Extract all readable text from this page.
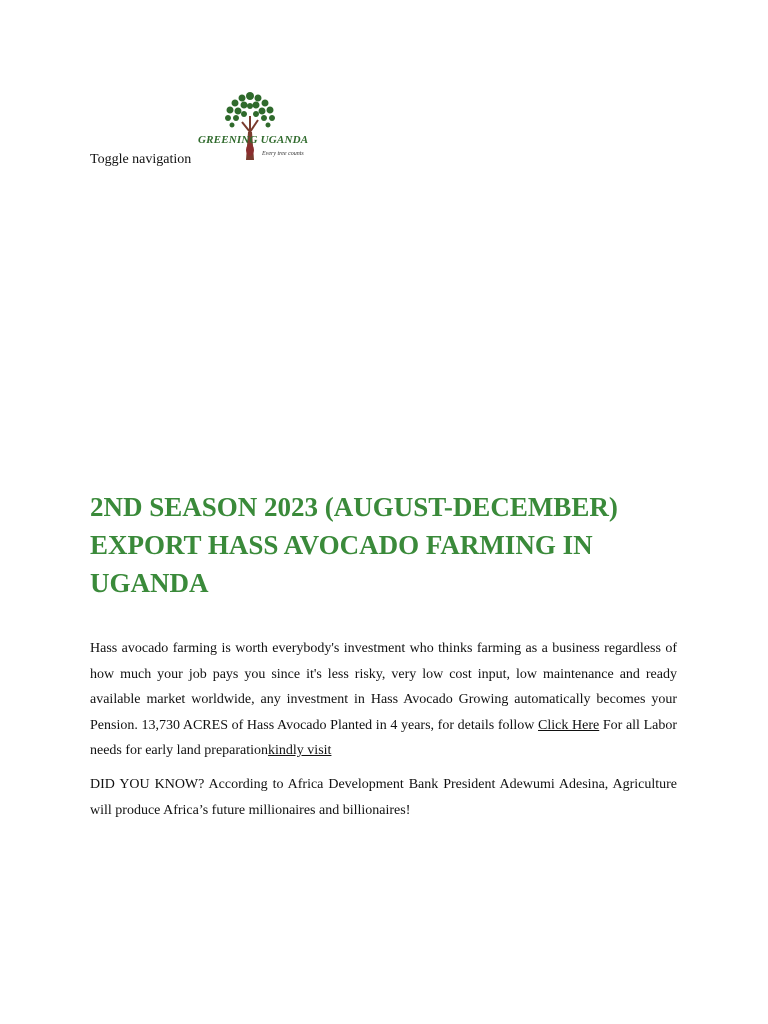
Toggle navigation
GREENING UGANDA
Every tree counts
2ND SEASON 2023 (AUGUST-DECEMBER) EXPORT HASS AVOCADO FARMING IN UGANDA

Hass avocado farming is worth everybody's investment who thinks farming as a business regardless of how much your job pays you since it's less risky, very low cost input, low maintenance and ready available market worldwide, any investment in Hass Avocado Growing automatically becomes your Pension. 13,730 ACRES of Hass Avocado Planted in 4 years, for details follow Click Here For all Labor needs for early land preparationkindly visit

DID YOU KNOW? According to Africa Development Bank President Adewumi Adesina, Agriculture will produce Africa’s future millionaires and billionaires!
